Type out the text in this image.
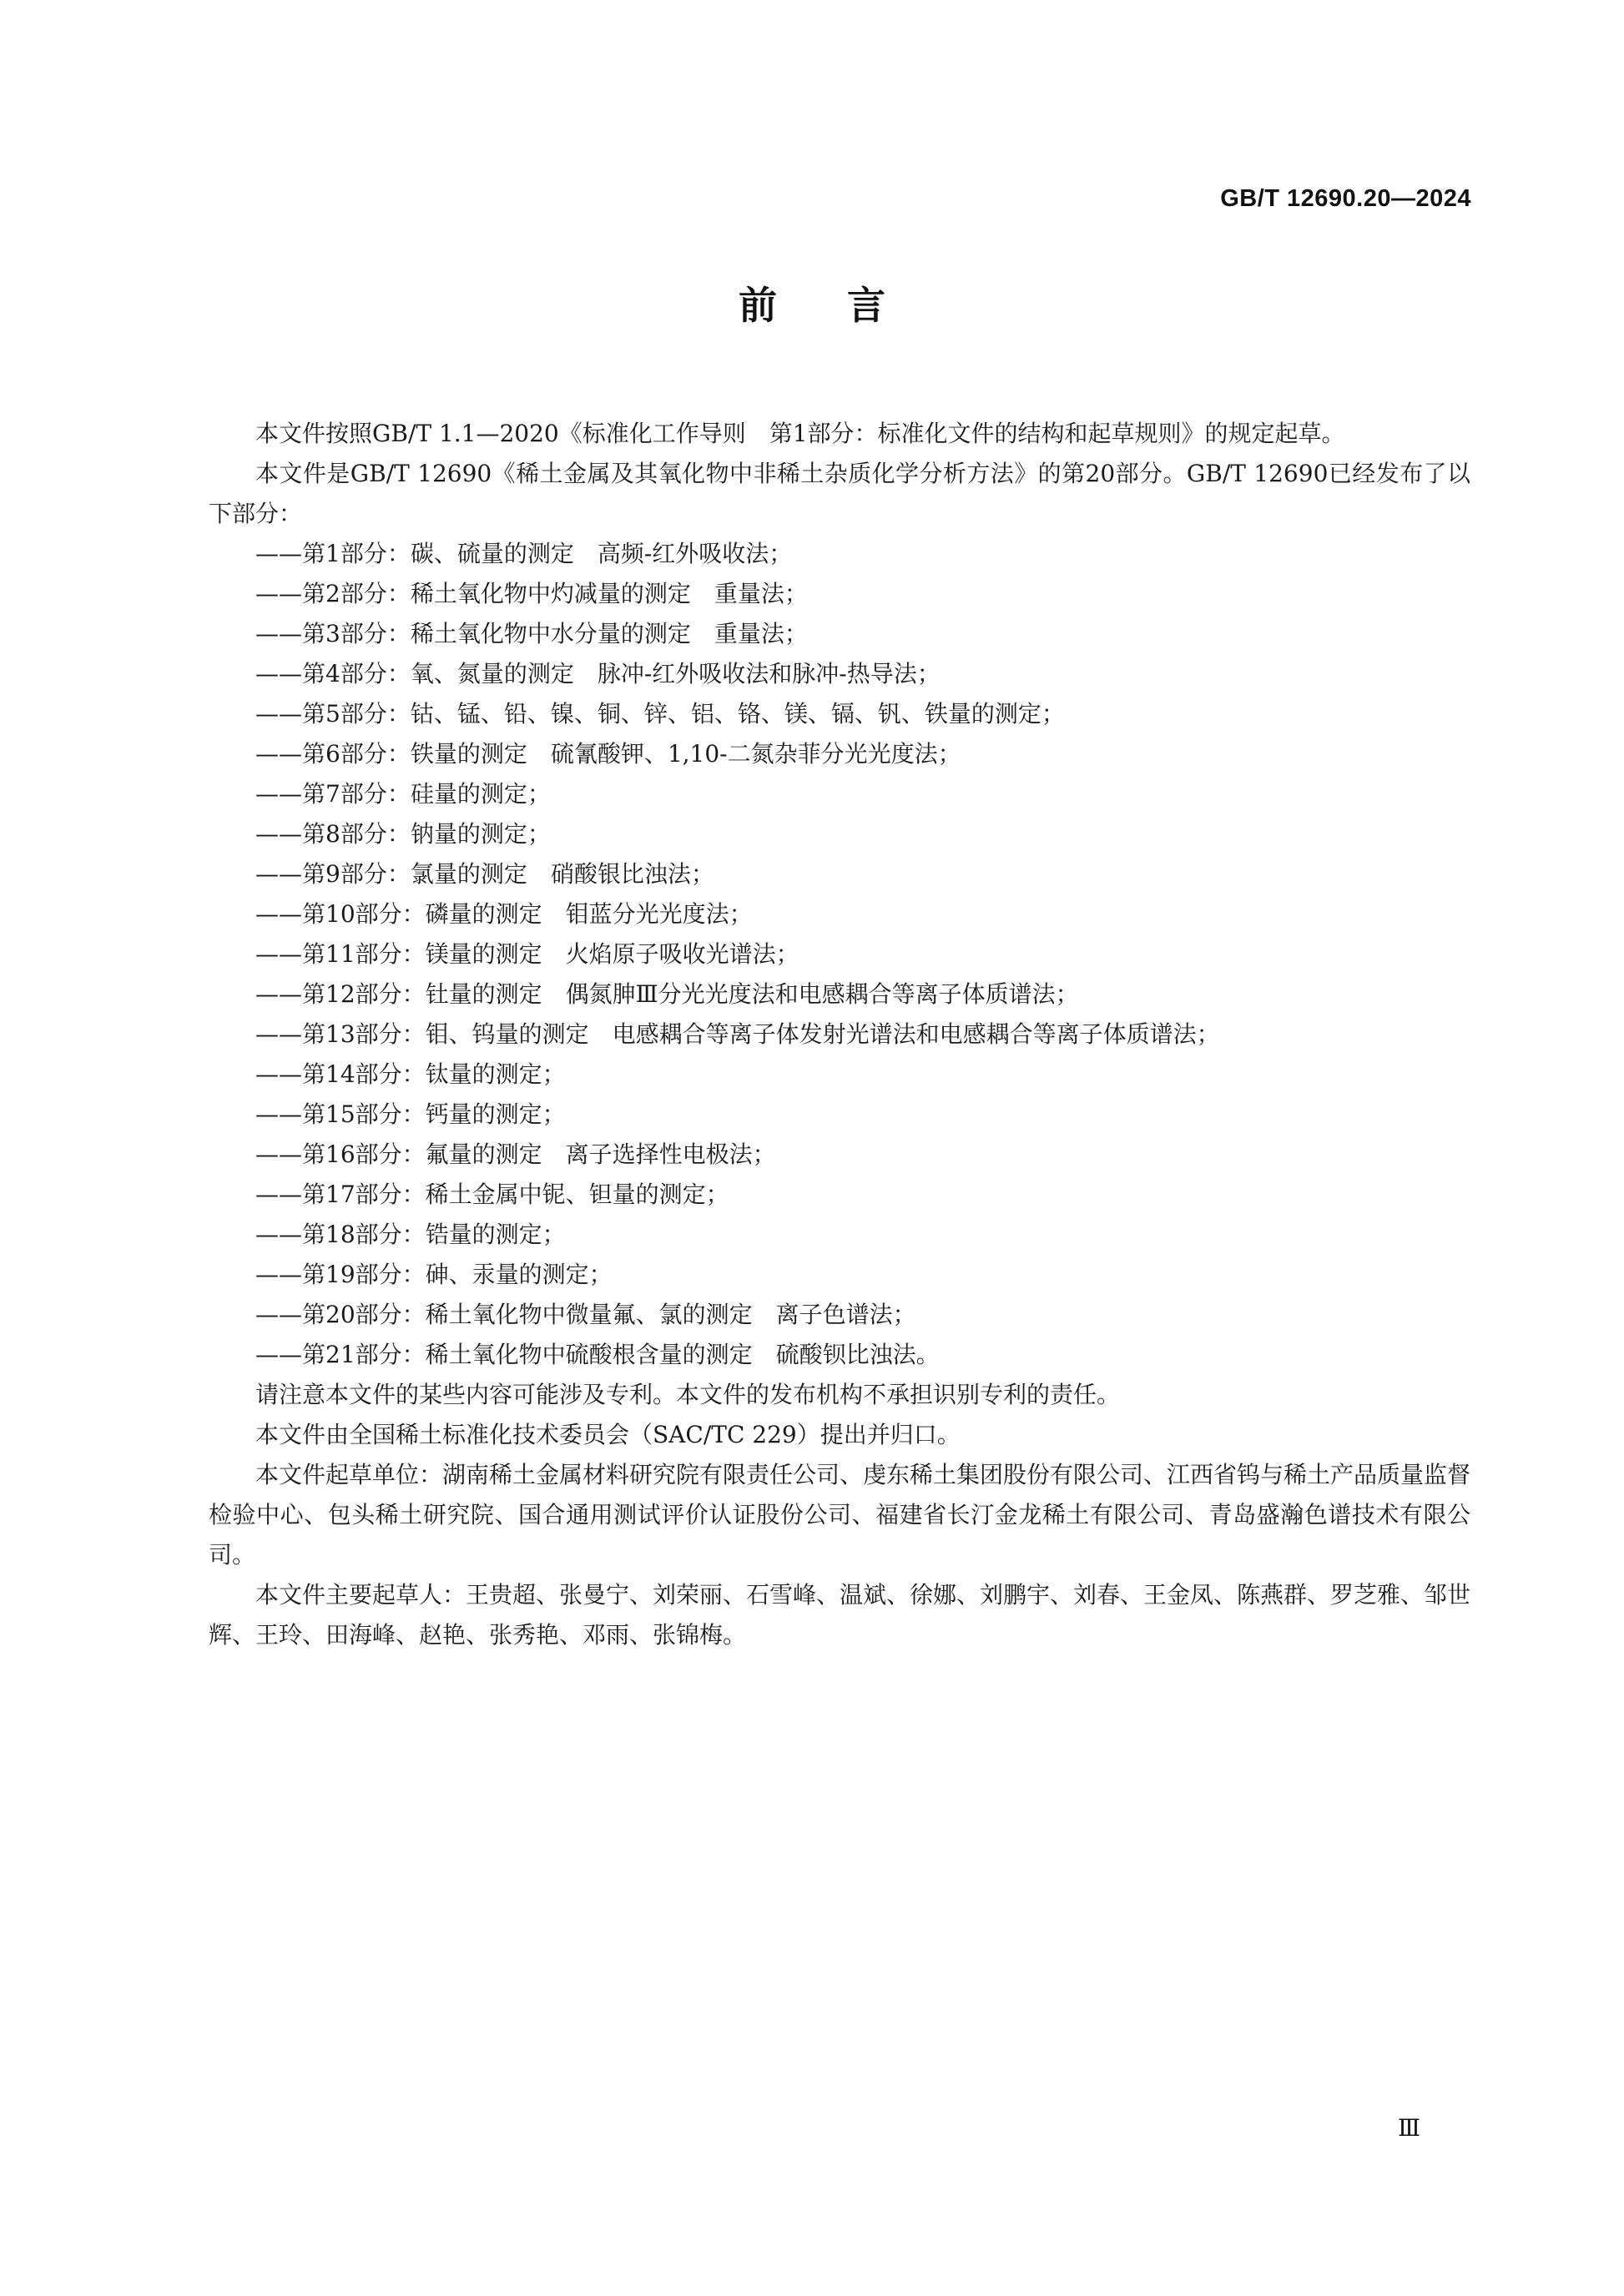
GB/T 12690.20—2024
前言

本文件按照GB/T 1.1—2020《标准化工作导则　第1部分：标准化文件的结构和起草规则》的规定起草。

本文件是GB/T 12690《稀土金属及其氧化物中非稀土杂质化学分析方法》的第20部分。GB/T 12690已经发布了以下部分：

——第1部分：碳、硫量的测定　高频-红外吸收法；
——第2部分：稀土氧化物中灼减量的测定　重量法；
——第3部分：稀土氧化物中水分量的测定　重量法；
——第4部分：氧、氮量的测定　脉冲-红外吸收法和脉冲-热导法；
——第5部分：钴、锰、铅、镍、铜、锌、铝、铬、镁、镉、钒、铁量的测定；
——第6部分：铁量的测定　硫氰酸钾、1,10-二氮杂菲分光光度法；
——第7部分：硅量的测定；
——第8部分：钠量的测定；
——第9部分：氯量的测定　硝酸银比浊法；
——第10部分：磷量的测定　钼蓝分光光度法；
——第11部分：镁量的测定　火焰原子吸收光谱法；
——第12部分：钍量的测定　偶氮胂Ⅲ分光光度法和电感耦合等离子体质谱法；
——第13部分：钼、钨量的测定　电感耦合等离子体发射光谱法和电感耦合等离子体质谱法；
——第14部分：钛量的测定；
——第15部分：钙量的测定；
——第16部分：氟量的测定　离子选择性电极法；
——第17部分：稀土金属中铌、钽量的测定；
——第18部分：锆量的测定；
——第19部分：砷、汞量的测定；
——第20部分：稀土氧化物中微量氟、氯的测定　离子色谱法；
——第21部分：稀土氧化物中硫酸根含量的测定　硫酸钡比浊法。

请注意本文件的某些内容可能涉及专利。本文件的发布机构不承担识别专利的责任。

本文件由全国稀土标准化技术委员会（SAC/TC 229）提出并归口。

本文件起草单位：湖南稀土金属材料研究院有限责任公司、虔东稀土集团股份有限公司、江西省钨与稀土产品质量监督检验中心、包头稀土研究院、国合通用测试评价认证股份公司、福建省长汀金龙稀土有限公司、青岛盛瀚色谱技术有限公司。

本文件主要起草人：王贵超、张曼宁、刘荣丽、石雪峰、温斌、徐娜、刘鹏宇、刘春、王金凤、陈燕群、罗芝雅、邹世辉、王玲、田海峰、赵艳、张秀艳、邓雨、张锦梅。

Ⅲ
